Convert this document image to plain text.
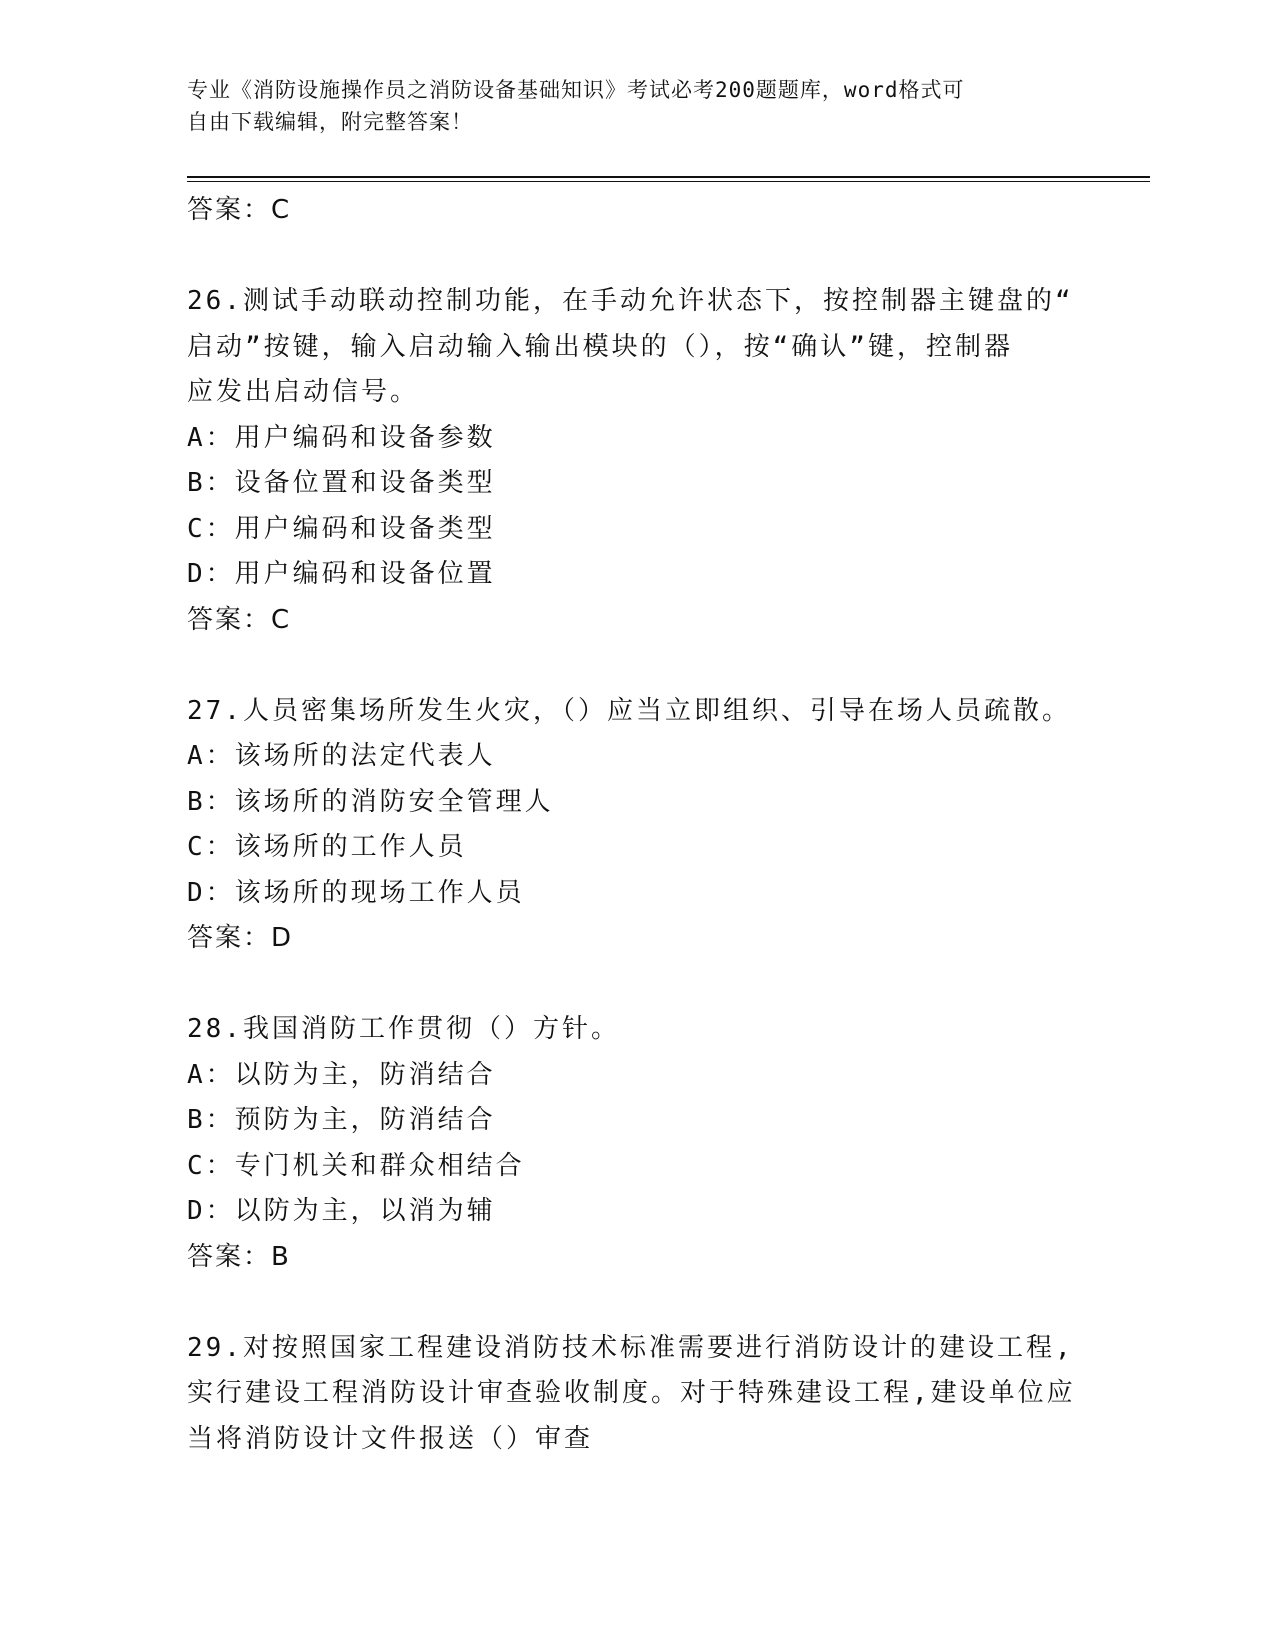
专业《消防设施操作员之消防设备基础知识》考试必考200题题库，word格式可
自由下载编辑，附完整答案！
答案：C
26.测试手动联动控制功能，在手动允许状态下，按控制器主键盘的“
启动”按键，输入启动输入输出模块的（），按“确认”键，控制器
应发出启动信号。
A：用户编码和设备参数
B：设备位置和设备类型
C：用户编码和设备类型
D：用户编码和设备位置
答案：C
27.人员密集场所发生火灾，（）应当立即组织、引导在场人员疏散。
A：该场所的法定代表人
B：该场所的消防安全管理人
C：该场所的工作人员
D：该场所的现场工作人员
答案：D
28.我国消防工作贯彻（）方针。
A：以防为主，防消结合
B：预防为主，防消结合
C：专门机关和群众相结合
D：以防为主，以消为辅
答案：B
29.对按照国家工程建设消防技术标准需要进行消防设计的建设工程,
实行建设工程消防设计审查验收制度。对于特殊建设工程,建设单位应
当将消防设计文件报送（）审查
